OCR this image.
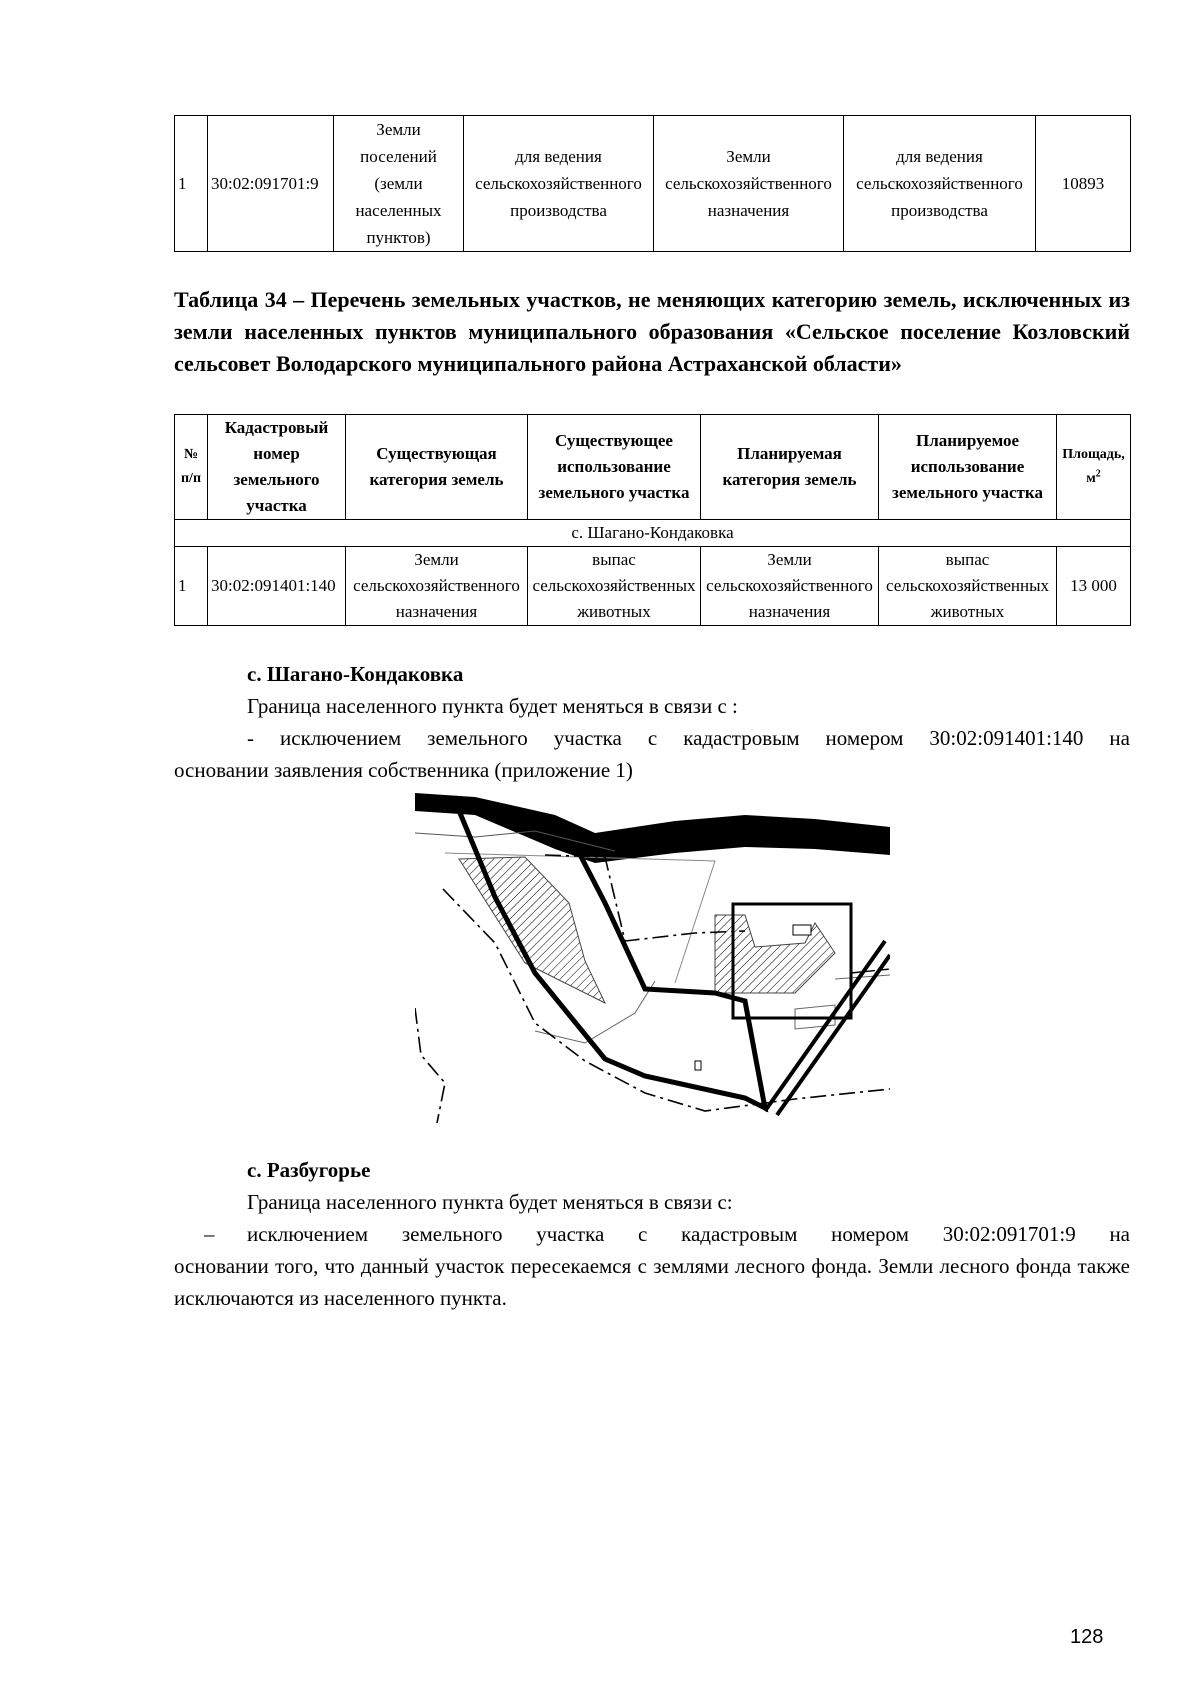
1	30:02:091701:9	Земли поселений (земли населенных пунктов)	для ведения сельскохозяйственного производства	Земли сельскохозяйственного назначения	для ведения сельскохозяйственного производства	10893
Таблица 34 – Перечень земельных участков, не меняющих категорию земель, исключенных из земли населенных пунктов муниципального образования «Сельское поселение Козловский сельсовет Володарского муниципального района Астраханской области»
№ п/п	Кадастровый номер земельного участка	Существующая категория земель	Существующее использование земельного участка	Планируемая категория земель	Планируемое использование земельного участка	Площадь, $м^2$
с. Шагано-Кондаковка						
1	30:02:091401:140	Земли сельскохозяйственного назначения	выпас сельскохозяйственных животных	Земли сельскохозяйственного назначения	выпас сельскохозяйственных животных	13 000
с. Шагано-Кондаковка
Граница населенного пункта будет меняться в связи с :
- исключением земельного участка с кадастровым номером 30:02:091401:140 на
основании заявления собственника (приложение 1)
с. Разбугорье
Граница населенного пункта будет меняться в связи с:
–	исключением земельного участка с кадастровым номером 30:02:091701:9 на
основании того, что данный участок пересекаемся с землями лесного фонда. Земли лесного фонда также исключаются из населенного пункта.
128
